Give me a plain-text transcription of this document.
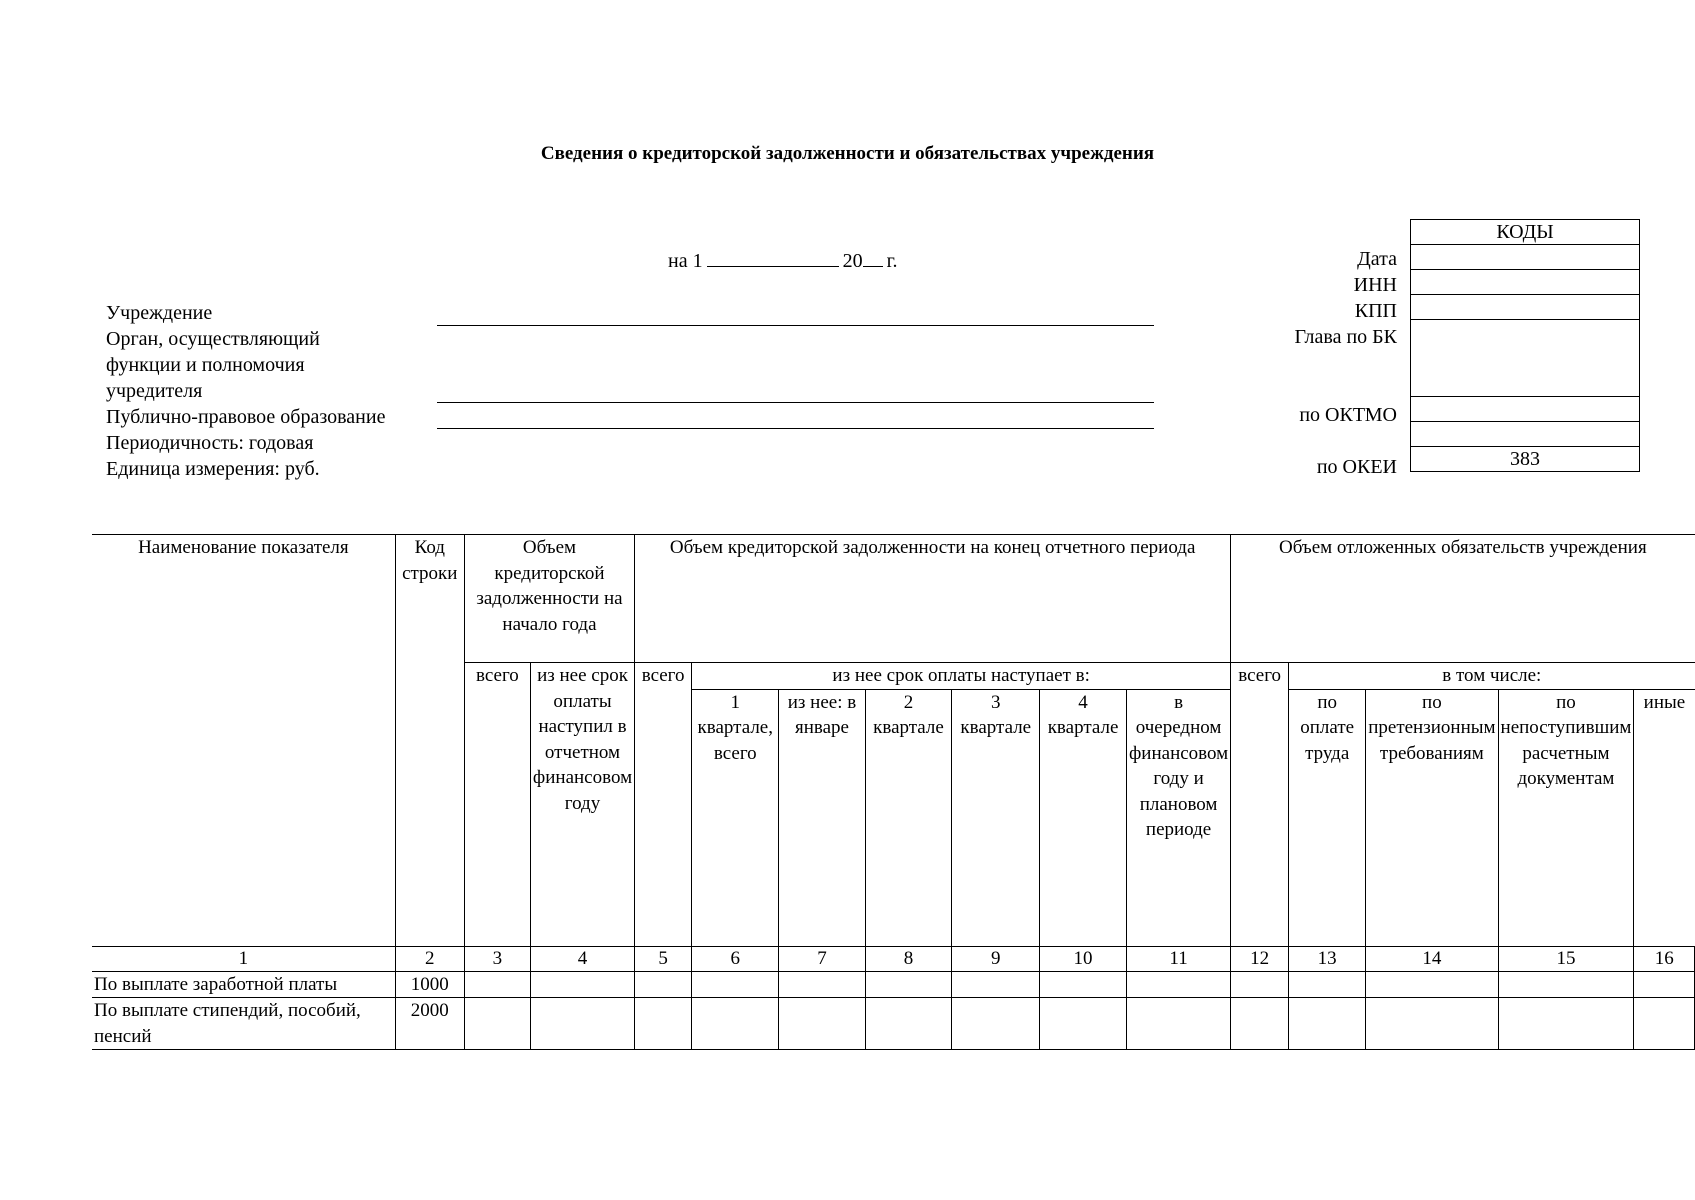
Сведения о кредиторской задолженности и обязательствах учреждения
на 1	20 г.
Учреждение
Орган, осуществляющий
функции и полномочия
учредителя
Публично-правовое образование
Периодичность: годовая
Единица измерения: руб.
Дата
ИНН
КПП
Глава по БК
по ОКТМО
по ОКЕИ
КОДЫ

383
Наименование показателя	Код строки	Объем кредиторской задолженности на начало года		Объем кредиторской задолженности на конец отчетного периода							Объем отложенных обязательств учреждения				
		всего	из нее срок оплаты наступил в отчетном финансовом году	всего	из нее срок оплаты наступает в:						всего	в том числе:			
					1 квартале, всего	из нее: в январе	2 квартале	3 квартале	4 квартале	в очередном финансовом году и плановом периоде		по оплате труда	по претензионным требованиям	по непоступившим расчетным документам	иные
1	2	3	4	5	6	7	8	9	10	11	12	13	14	15	16
По выплате заработной платы	1000														
По выплате стипендий, пособий, пенсий	2000														
